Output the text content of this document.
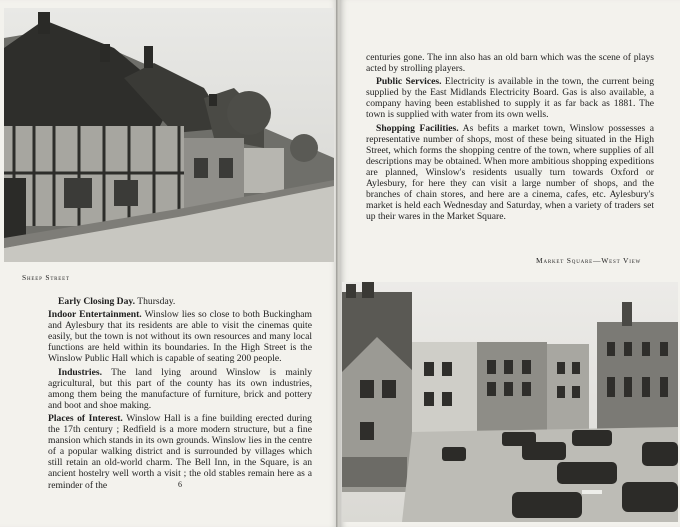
Sheep Street

Early Closing Day. Thursday.

Indoor Entertainment. Winslow lies so close to both Buckingham and Aylesbury that its residents are able to visit the cinemas quite easily, but the town is not without its own resources and many local functions are held within its boundaries. In the High Street is the Winslow Public Hall which is capable of seating 200 people.

Industries. The land lying around Winslow is mainly agricultural, but this part of the county has its own industries, among them being the manufacture of furniture, brick and pottery and boot and shoe making.

Places of Interest. Winslow Hall is a fine building erected during the 17th century ; Redfield is a more modern structure, but a fine mansion which stands in its own grounds. Winslow lies in the centre of a popular walking district and is surrounded by villages which still retain an old-world charm. The Bell Inn, in the Square, is an ancient hostelry well worth a visit ; the old stables remain here as a reminder of the	6

centuries gone. The inn also has an old barn which was the scene of plays acted by strolling players.

Public Services. Electricity is available in the town, the current being supplied by the East Midlands Electricity Board. Gas is also available, a company having been established to supply it as far back as 1881. The town is supplied with water from its own wells.

Shopping Facilities. As befits a market town, Winslow possesses a representative number of shops, most of these being situated in the High Street, which forms the shopping centre of the town, where supplies of all descriptions may be obtained. When more ambitious shopping expeditions are planned, Winslow's residents usually turn towards Oxford or Aylesbury, for here they can visit a large number of shops, and the branches of chain stores, and here are a cinema, cafes, etc. Aylesbury's market is held each Wednesday and Saturday, when a variety of traders set up their wares in the Market Square.

Market Square—West View
